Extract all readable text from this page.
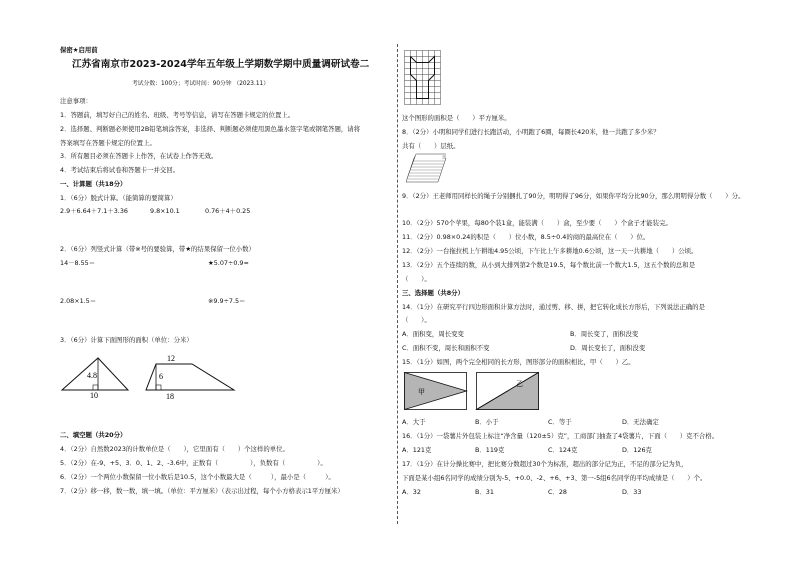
保密★启用前
江苏省南京市2023-2024学年五年级上学期数学期中质量调研试卷二
考试分数：100分；考试时间：90分钟 （2023.11）
注意事项：
1．答题前，填写好自己的姓名、班级、考号等信息，请写在答题卡规定的位置上。
2．选择题、判断题必须使用2B铅笔填涂答案，非选择、判断题必须使用黑色墨水签字笔或钢笔答题，请将
答案填写在答题卡规定的位置上。
3．所有题目必须在答题卡上作答，在试卷上作答无效。
4．考试结束后将试卷和答题卡一并交回。
一、计算题（共18分）
1．（6分）脱式计算。（能简算的要简算）
2.9＋6.64＋7.1＋3.36	9.8×10.1	0.76＋4＋0.25
2．（6分）列竖式计算（带※号的要验算，带★的结果保留一位小数）
14－8.55＝	★5.07÷0.9≈
2.08×1.5＝	※9.9÷7.5＝
3．（6分）计算下面图形的面积（单位：分米）
4.8
10
12
6
18
二、填空题（共20分）
4．（2分）自然数2023的计数单位是（　　），它里面有（　　）个这样的单位。
5．（2分）在-9、+5、3．0、1、2、-3.6中，正数有（　　　　　），负数有（　　　　　）。
6．（2分）一个两位小数保留一位小数后是10.5，这个小数最大是（　　　），最小是（　　　）。
7．（2分）移一移，数一数，填一填。（单位：平方厘米）（表示出过程，每个小方格表示1平方厘米）
这个图形的面积是（　　）平方厘米。
8．（2分）小明和同学们进行长跑活动，小明跑了6圈，每圈长420米，他一共跑了多少米？
共有（　　）层纸。
9．（2分）王老师用同样长的绳子分别捆扎了90分，明明得了96分，如果你平均分比90分，那么明明得分数（　　）分。
10．（2分）570个苹果，每80个装1盒，能装满（　　）盒，至少要（　　）个盒子才能装完。
11．（2分）0.98×0.24的积是（　　）位小数，8.5÷0.4的商的最高位在（　　）位。
12．（2分）一台拖拉机上午耕地4.95公顷，下午比上午多耕地0.6公顷，这一天一共耕地（　　）公顷。
13．（2分）五个连续的数，从小到大排列第2个数是19.5，每个数比前一个数大1.5，这五个数的总和是
（　　）。
三、选择题（共8分）
14．（1分）在研究平行四边形面积计算方法时，通过剪、移、拼，把它转化成长方形后，下列说法正确的是
（　　）。
A．面积变，周长变变	B．周长变了，面积没变
C．面积不变，周长和面积不变	D．周长变长了，面积没变
15．（1分）如图，两个完全相同的长方形，图形部分的面积相比，甲（　　）乙。
甲
乙
A．大于	B．小于	C．等于	D．无法确定
16．（1分）一袋薯片外包装上标注“净含量（120±5）克”，工商部门抽查了4袋薯片，下面（　　）克不合格。
A．121克	B．119克	C．124克	D．126克
17．（1分）在计分操比赛中，把比赛分数超过30个为标准，超出的部分记为正，不足的部分记为负，
下面是某小组6名同学的成绩分别为-5、+0.0、-2、+6、+3、第一-5组6名同学的平均成绩是（　　）个。
A．32	B．31	C．28	D．33
